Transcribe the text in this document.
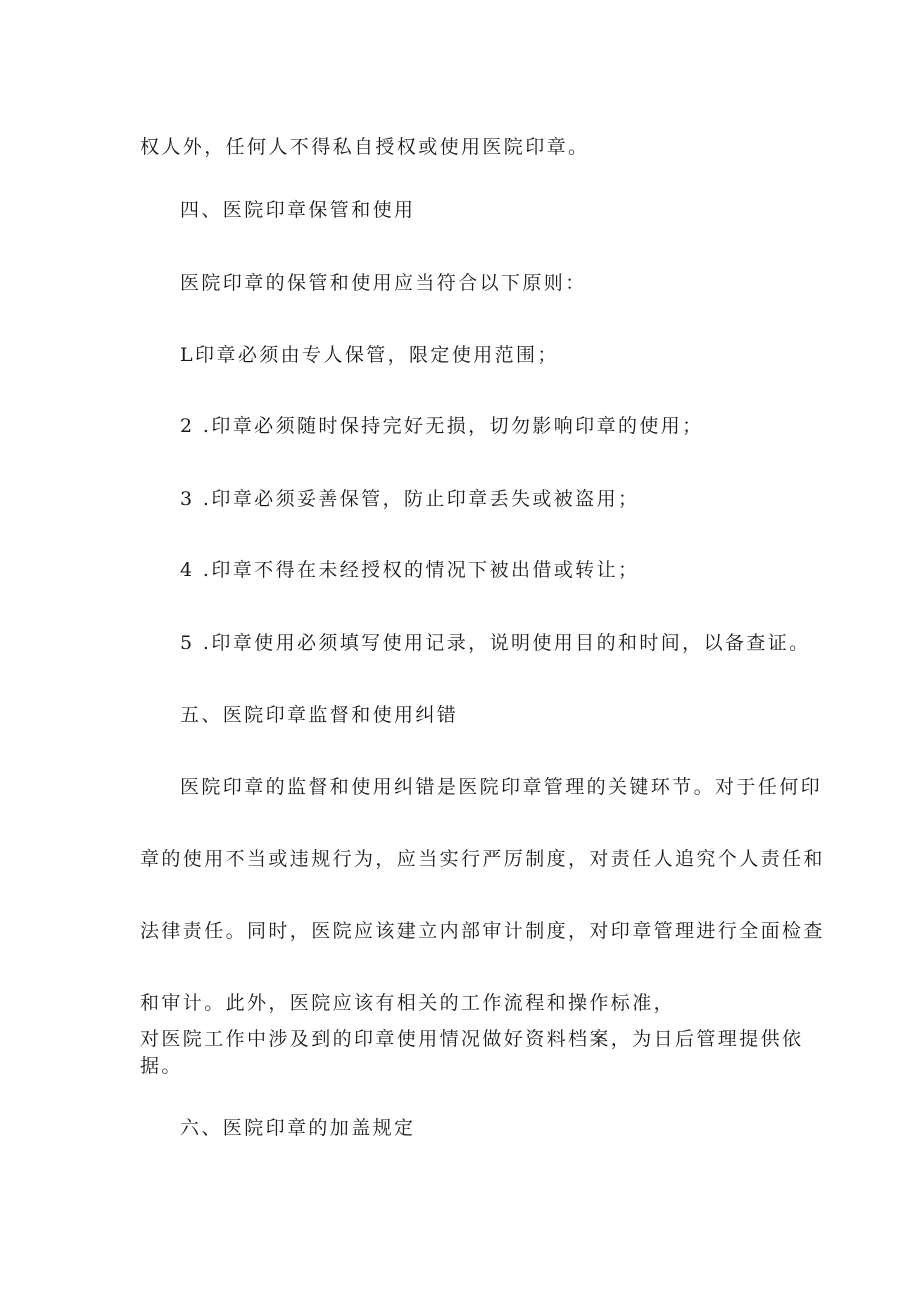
权人外，任何人不得私自授权或使用医院印章。
四、医院印章保管和使用
医院印章的保管和使用应当符合以下原则：
L印章必须由专人保管，限定使用范围；
2 .印章必须随时保持完好无损，切勿影响印章的使用；
3 .印章必须妥善保管，防止印章丢失或被盗用；
4 .印章不得在未经授权的情况下被出借或转让；
5 .印章使用必须填写使用记录，说明使用目的和时间，以备查证。
五、医院印章监督和使用纠错
医院印章的监督和使用纠错是医院印章管理的关键环节。对于任何印
章的使用不当或违规行为，应当实行严厉制度，对责任人追究个人责任和
法律责任。同时，医院应该建立内部审计制度，对印章管理进行全面检查
和审计。此外，医院应该有相关的工作流程和操作标准，
对医院工作中涉及到的印章使用情况做好资料档案，为日后管理提供依
据。
六、医院印章的加盖规定
